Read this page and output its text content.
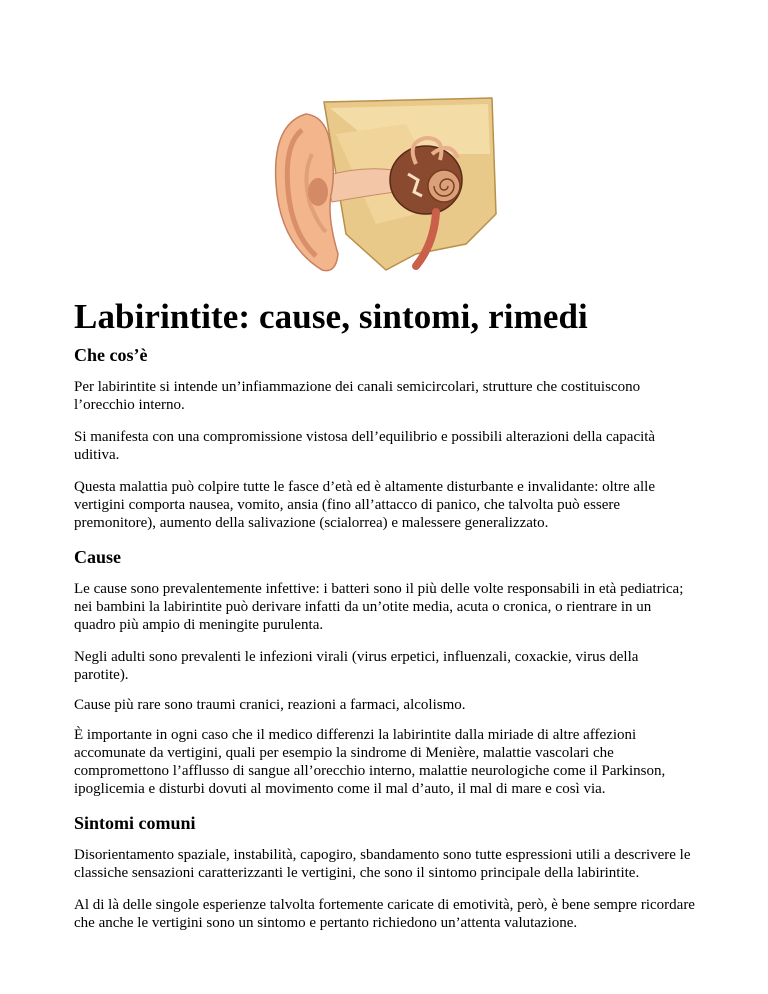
Labirintite: cause, sintomi, rimedi
Che cos’è

Per labirintite si intende un’infiammazione dei canali semicircolari, strutture che costituiscono l’orecchio interno.

Si manifesta con una compromissione vistosa dell’equilibrio e possibili alterazioni della capacità uditiva.

Questa malattia può colpire tutte le fasce d’età ed è altamente disturbante e invalidante: oltre alle vertigini comporta nausea, vomito, ansia (fino all’attacco di panico, che talvolta può essere premonitore), aumento della salivazione (scialorrea) e malessere generalizzato.

Cause

Le cause sono prevalentemente infettive: i batteri sono il più delle volte responsabili in età pediatrica; nei bambini la labirintite può derivare infatti da un’otite media, acuta o cronica, o rientrare in un quadro più ampio di meningite purulenta.

Negli adulti sono prevalenti le infezioni virali (virus erpetici, influenzali, coxackie, virus della parotite).

Cause più rare sono traumi cranici, reazioni a farmaci, alcolismo.

È importante in ogni caso che il medico differenzi la labirintite dalla miriade di altre affezioni accomunate da vertigini, quali per esempio la sindrome di Menière, malattie vascolari che compromettono l’afflusso di sangue all’orecchio interno, malattie neurologiche come il Parkinson, ipoglicemia e disturbi dovuti al movimento come il mal d’auto, il mal di mare e così via.

Sintomi comuni

Disorientamento spaziale, instabilità, capogiro, sbandamento sono tutte espressioni utili a descrivere le classiche sensazioni caratterizzanti le vertigini, che sono il sintomo principale della labirintite.

Al di là delle singole esperienze talvolta fortemente caricate di emotività, però, è bene sempre ricordare che anche le vertigini sono un sintomo e pertanto richiedono un’attenta valutazione.
